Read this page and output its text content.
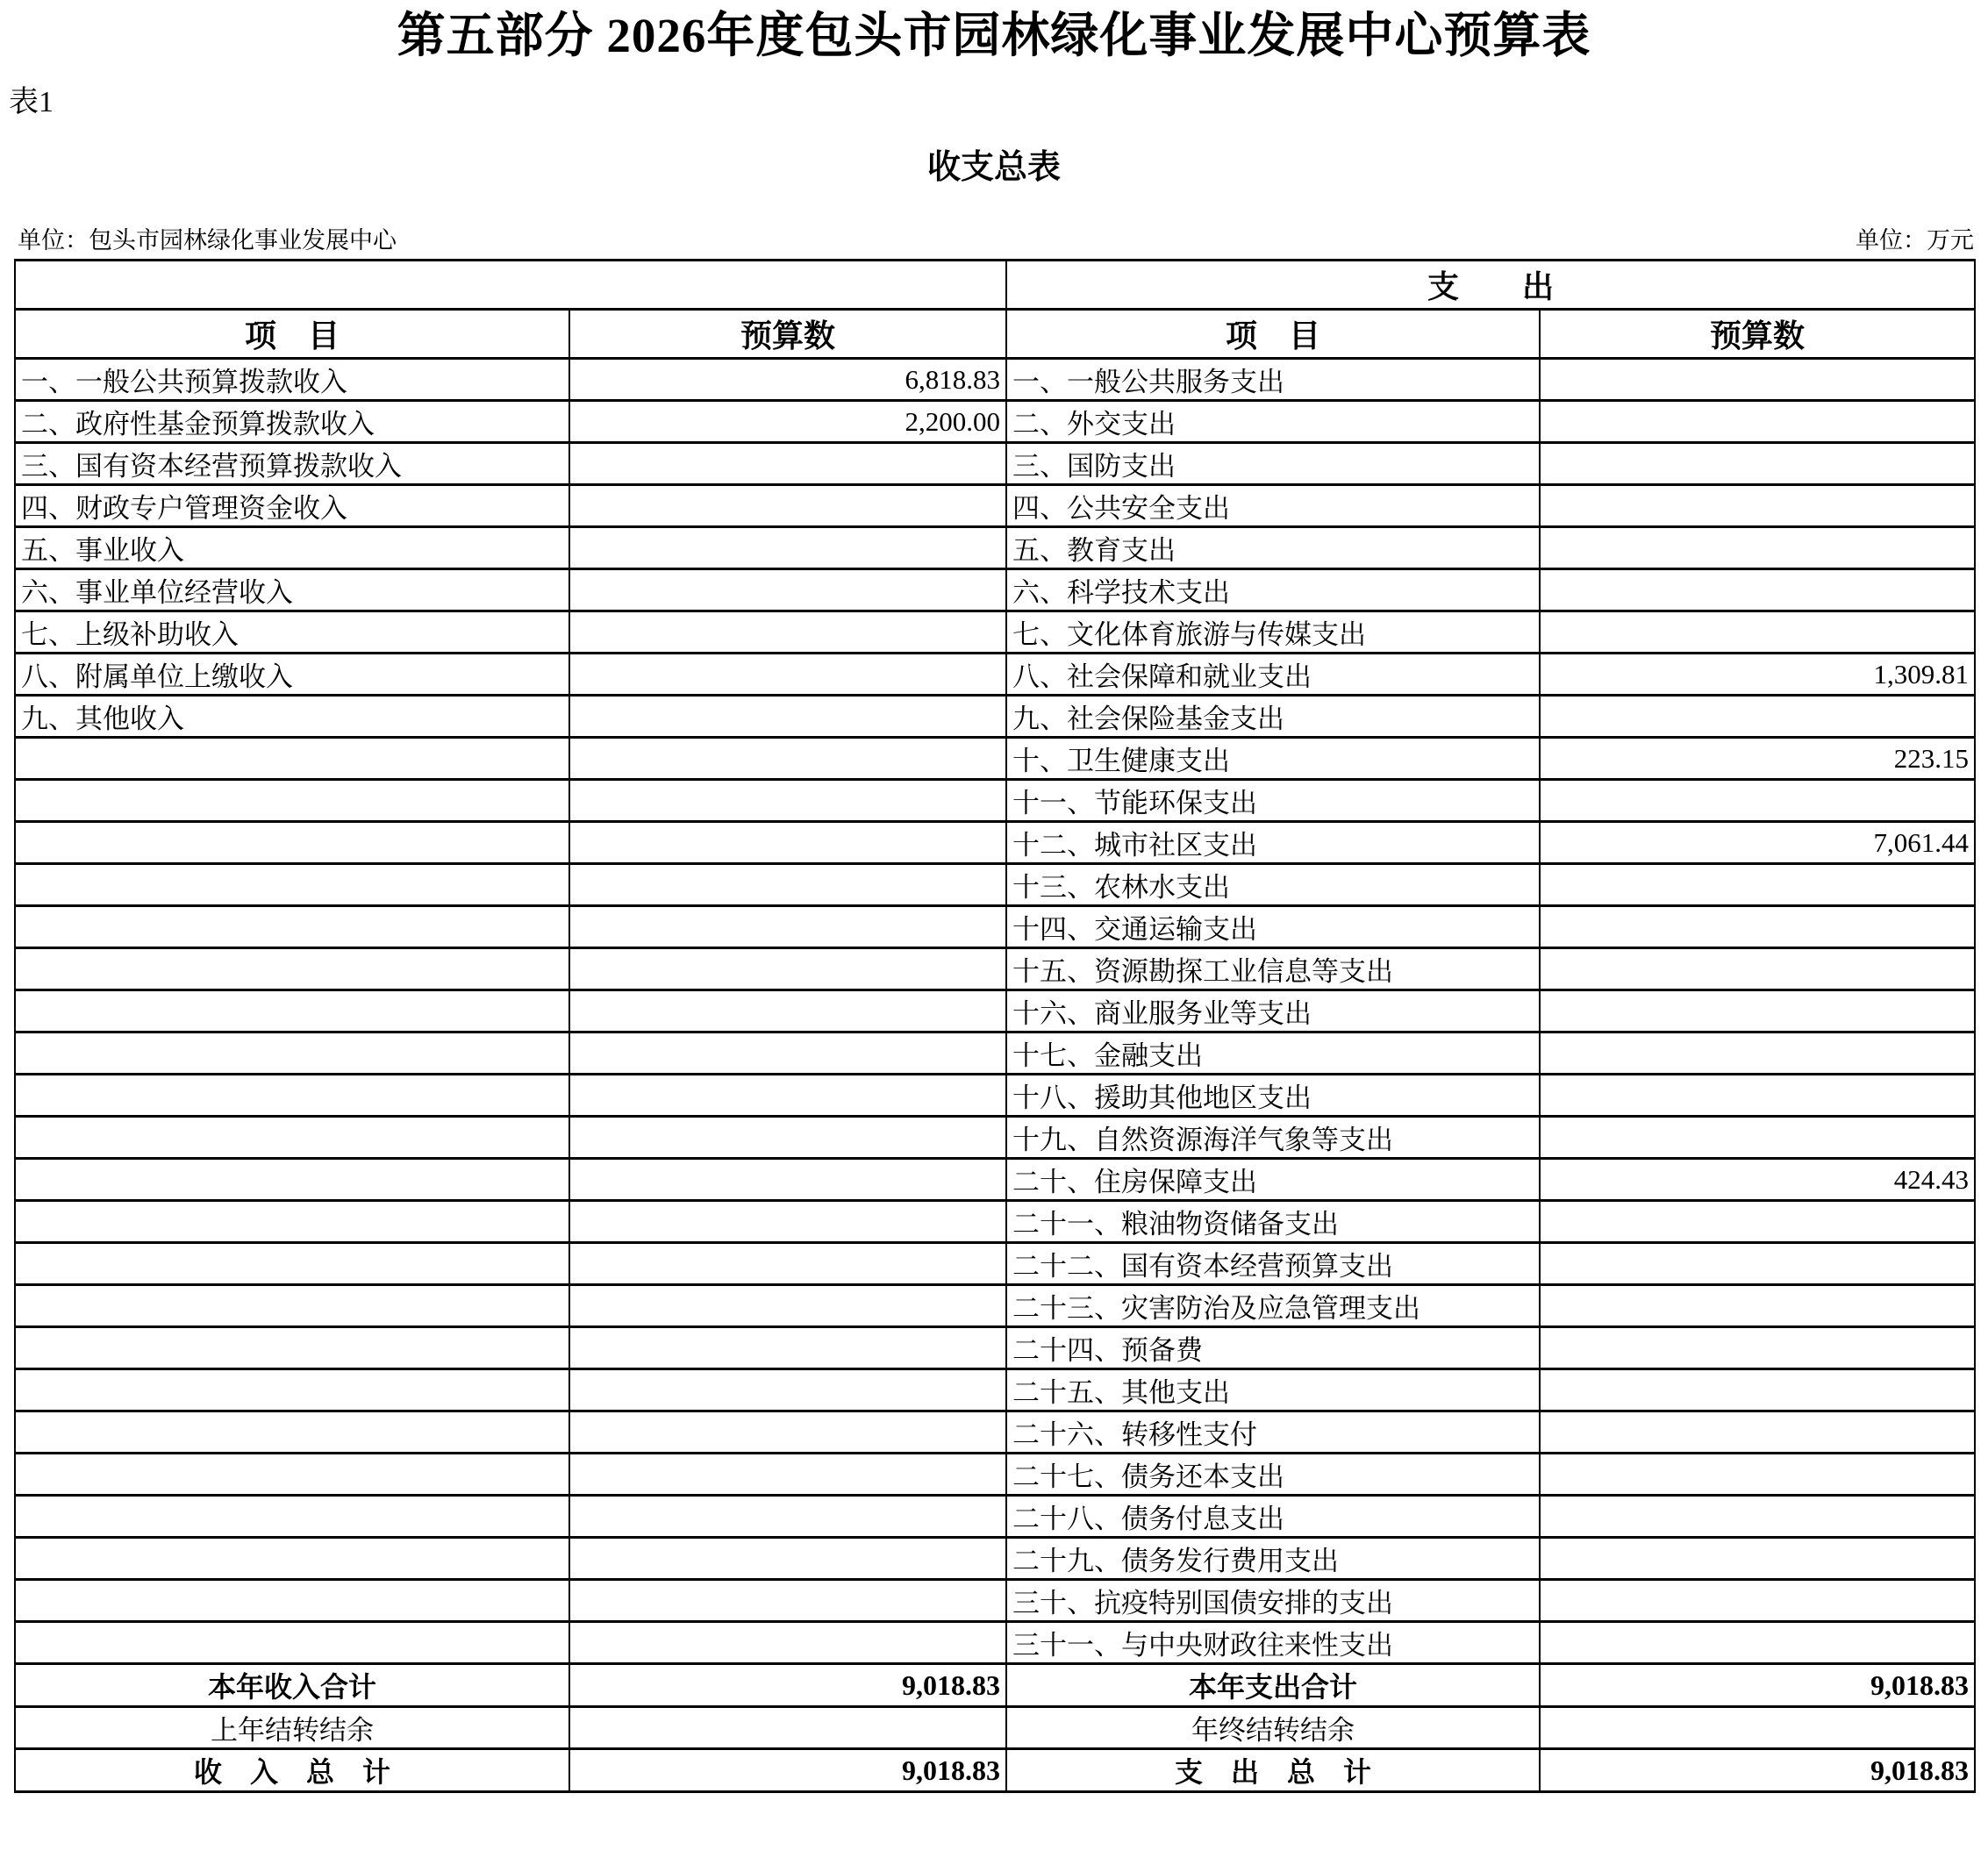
第五部分 2026年度包头市园林绿化事业发展中心预算表
表1
收支总表
单位：包头市园林绿化事业发展中心	单位：万元
		支　　出	
项　目	预算数	项　目	预算数
一、一般公共预算拨款收入	6,818.83	一、一般公共服务支出	
二、政府性基金预算拨款收入	2,200.00	二、外交支出	
三、国有资本经营预算拨款收入		三、国防支出	
四、财政专户管理资金收入		四、公共安全支出	
五、事业收入		五、教育支出	
六、事业单位经营收入		六、科学技术支出	
七、上级补助收入		七、文化体育旅游与传媒支出	
八、附属单位上缴收入		八、社会保障和就业支出	1,309.81
九、其他收入		九、社会保险基金支出	
		十、卫生健康支出	223.15
		十一、节能环保支出	
		十二、城市社区支出	7,061.44
		十三、农林水支出	
		十四、交通运输支出	
		十五、资源勘探工业信息等支出	
		十六、商业服务业等支出	
		十七、金融支出	
		十八、援助其他地区支出	
		十九、自然资源海洋气象等支出	
		二十、住房保障支出	424.43
		二十一、粮油物资储备支出	
		二十二、国有资本经营预算支出	
		二十三、灾害防治及应急管理支出	
		二十四、预备费	
		二十五、其他支出	
		二十六、转移性支付	
		二十七、债务还本支出	
		二十八、债务付息支出	
		二十九、债务发行费用支出	
		三十、抗疫特别国债安排的支出	
		三十一、与中央财政往来性支出	
本年收入合计	9,018.83	本年支出合计	9,018.83
上年结转结余		年终结转结余	
收　入　总　计	9,018.83	支　出　总　计	9,018.83
